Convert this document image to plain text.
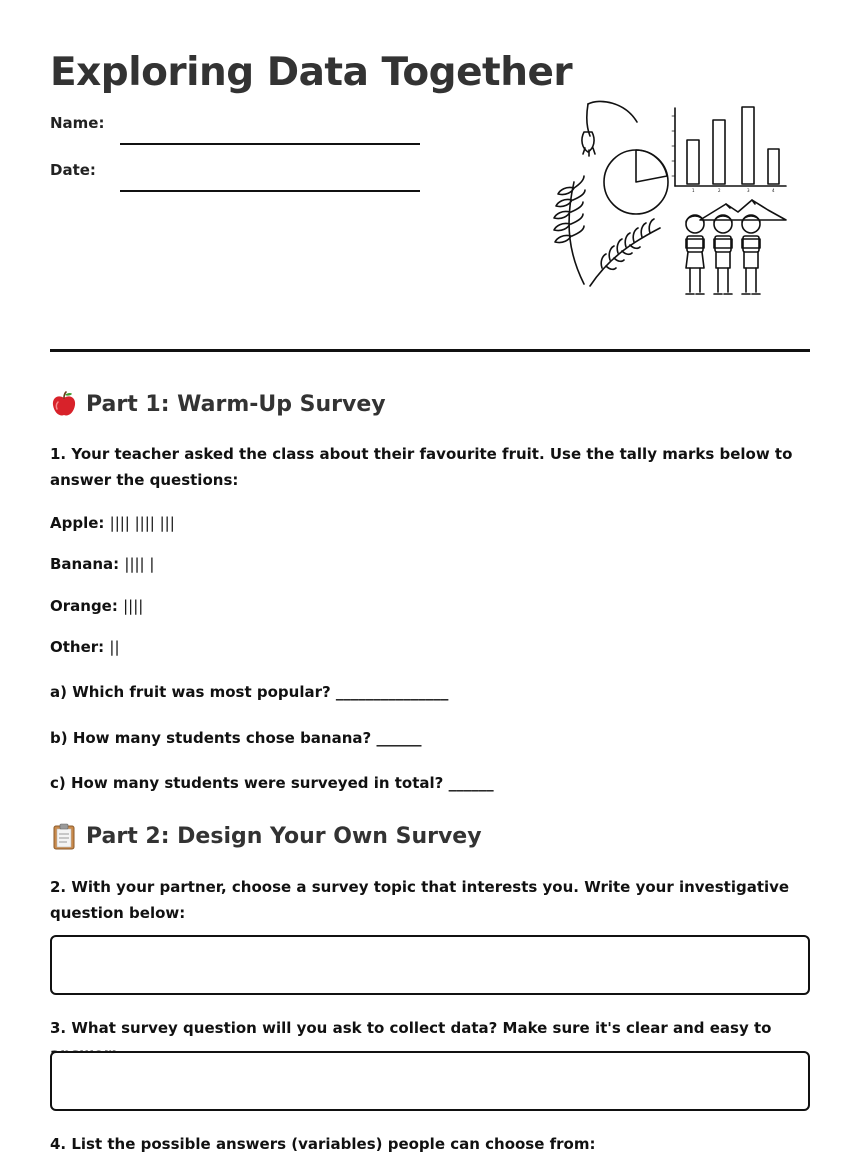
Exploring Data Together
Name:
Date:
1	2	3	4
Part 1: Warm-Up Survey

1. Your teacher asked the class about their favourite fruit. Use the tally marks below to answer the questions:

Apple: |||| |||| |||

Banana: |||| |

Orange: ||||

Other: ||

a) Which fruit was most popular? _______________

b) How many students chose banana? ______

c) How many students were surveyed in total? ______

Part 2: Design Your Own Survey

2. With your partner, choose a survey topic that interests you. Write your investigative question below:

3. What survey question will you ask to collect data? Make sure it's clear and easy to

4. List the possible answers (variables) people can choose from:
